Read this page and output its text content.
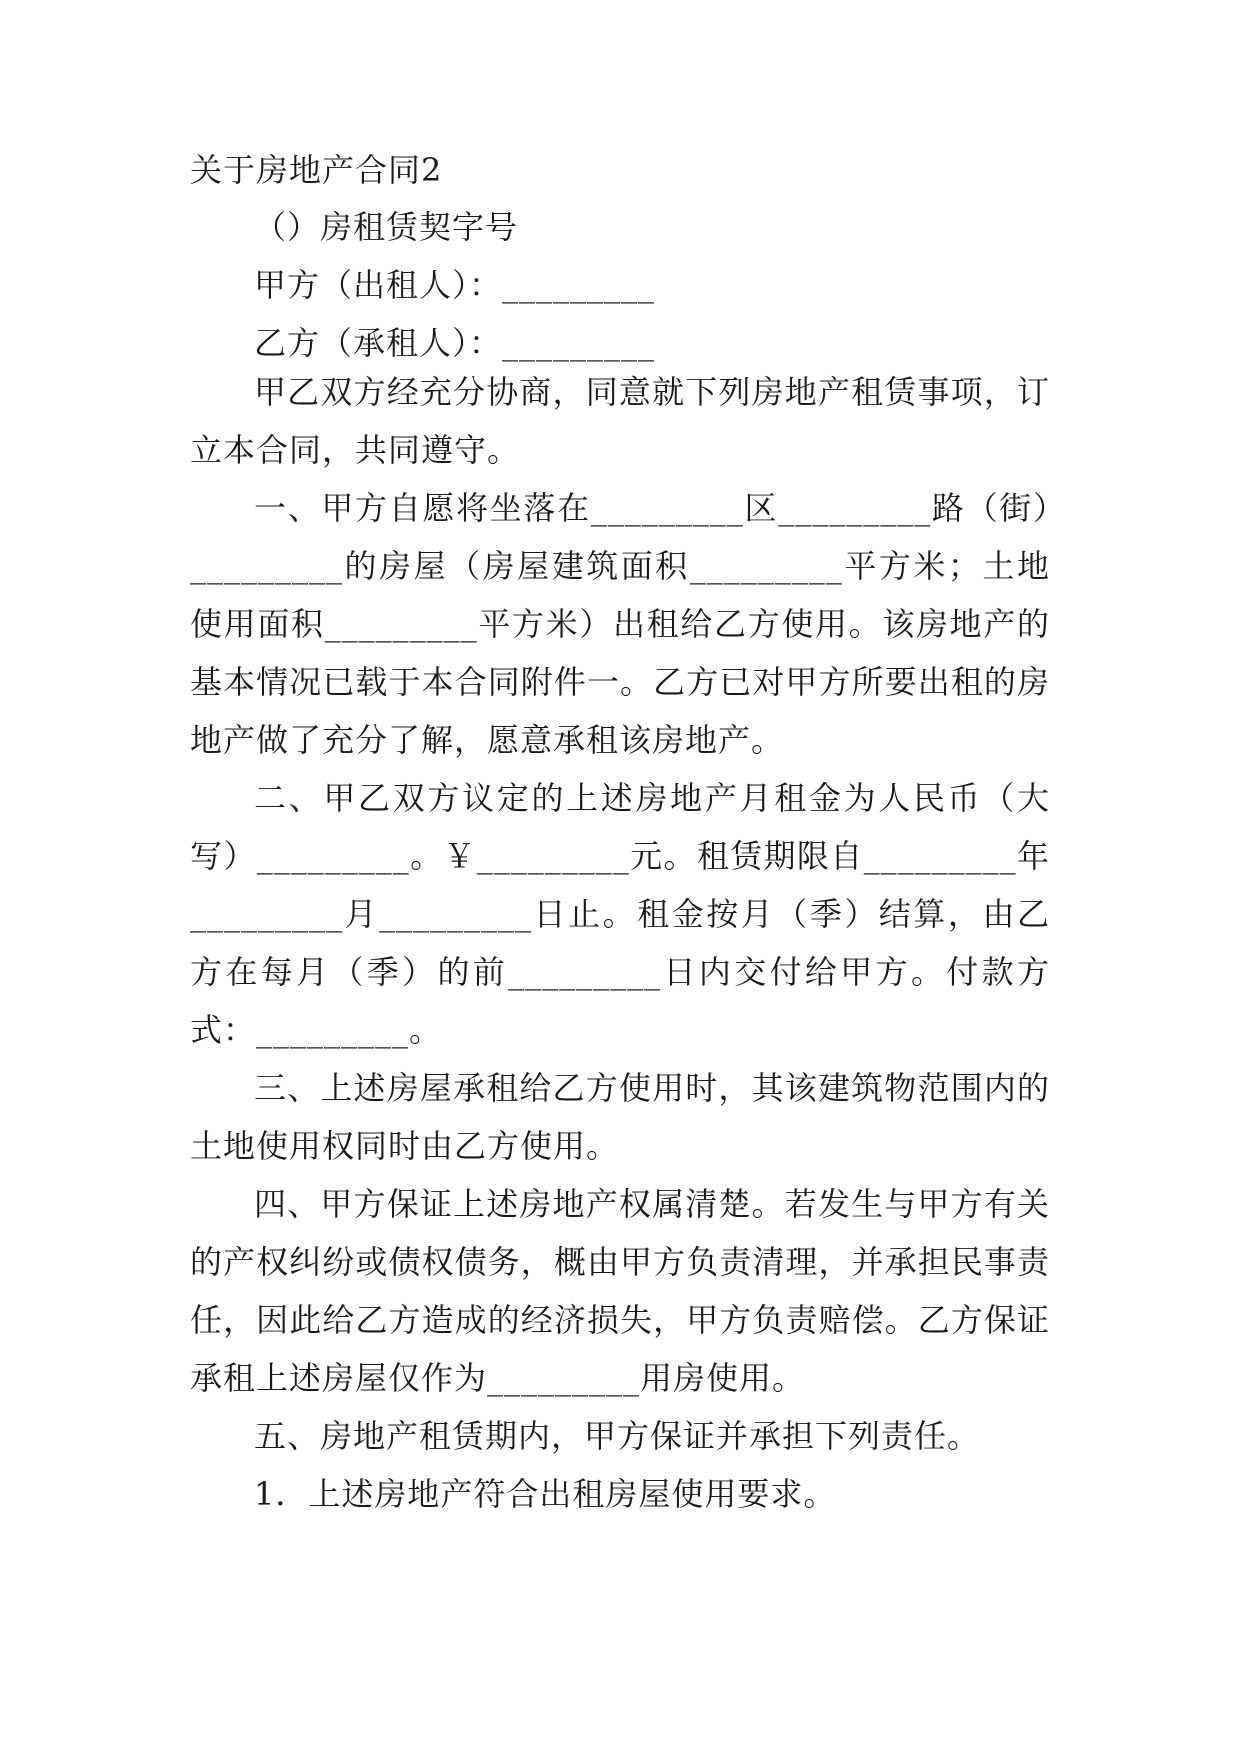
关于房地产合同2
（）房租赁契字号
甲方（出租人）：_________
乙方（承租人）：_________
甲乙双方经充分协商，同意就下列房地产租赁事项，订立本合同，共同遵守。
一、甲方自愿将坐落在_________区_________路（街）_________的房屋（房屋建筑面积_________平方米；土地使用面积_________平方米）出租给乙方使用。该房地产的基本情况已载于本合同附件一。乙方已对甲方所要出租的房地产做了充分了解，愿意承租该房地产。
二、甲乙双方议定的上述房地产月租金为人民币（大写）_________。￥_________元。租赁期限自_________年_________月_________日止。租金按月（季）结算，由乙方在每月（季）的前_________日内交付给甲方。付款方式：_________。
三、上述房屋承租给乙方使用时，其该建筑物范围内的土地使用权同时由乙方使用。
四、甲方保证上述房地产权属清楚。若发生与甲方有关的产权纠纷或债权债务，概由甲方负责清理，并承担民事责任，因此给乙方造成的经济损失，甲方负责赔偿。乙方保证承租上述房屋仅作为_________用房使用。
五、房地产租赁期内，甲方保证并承担下列责任。
1．上述房地产符合出租房屋使用要求。
